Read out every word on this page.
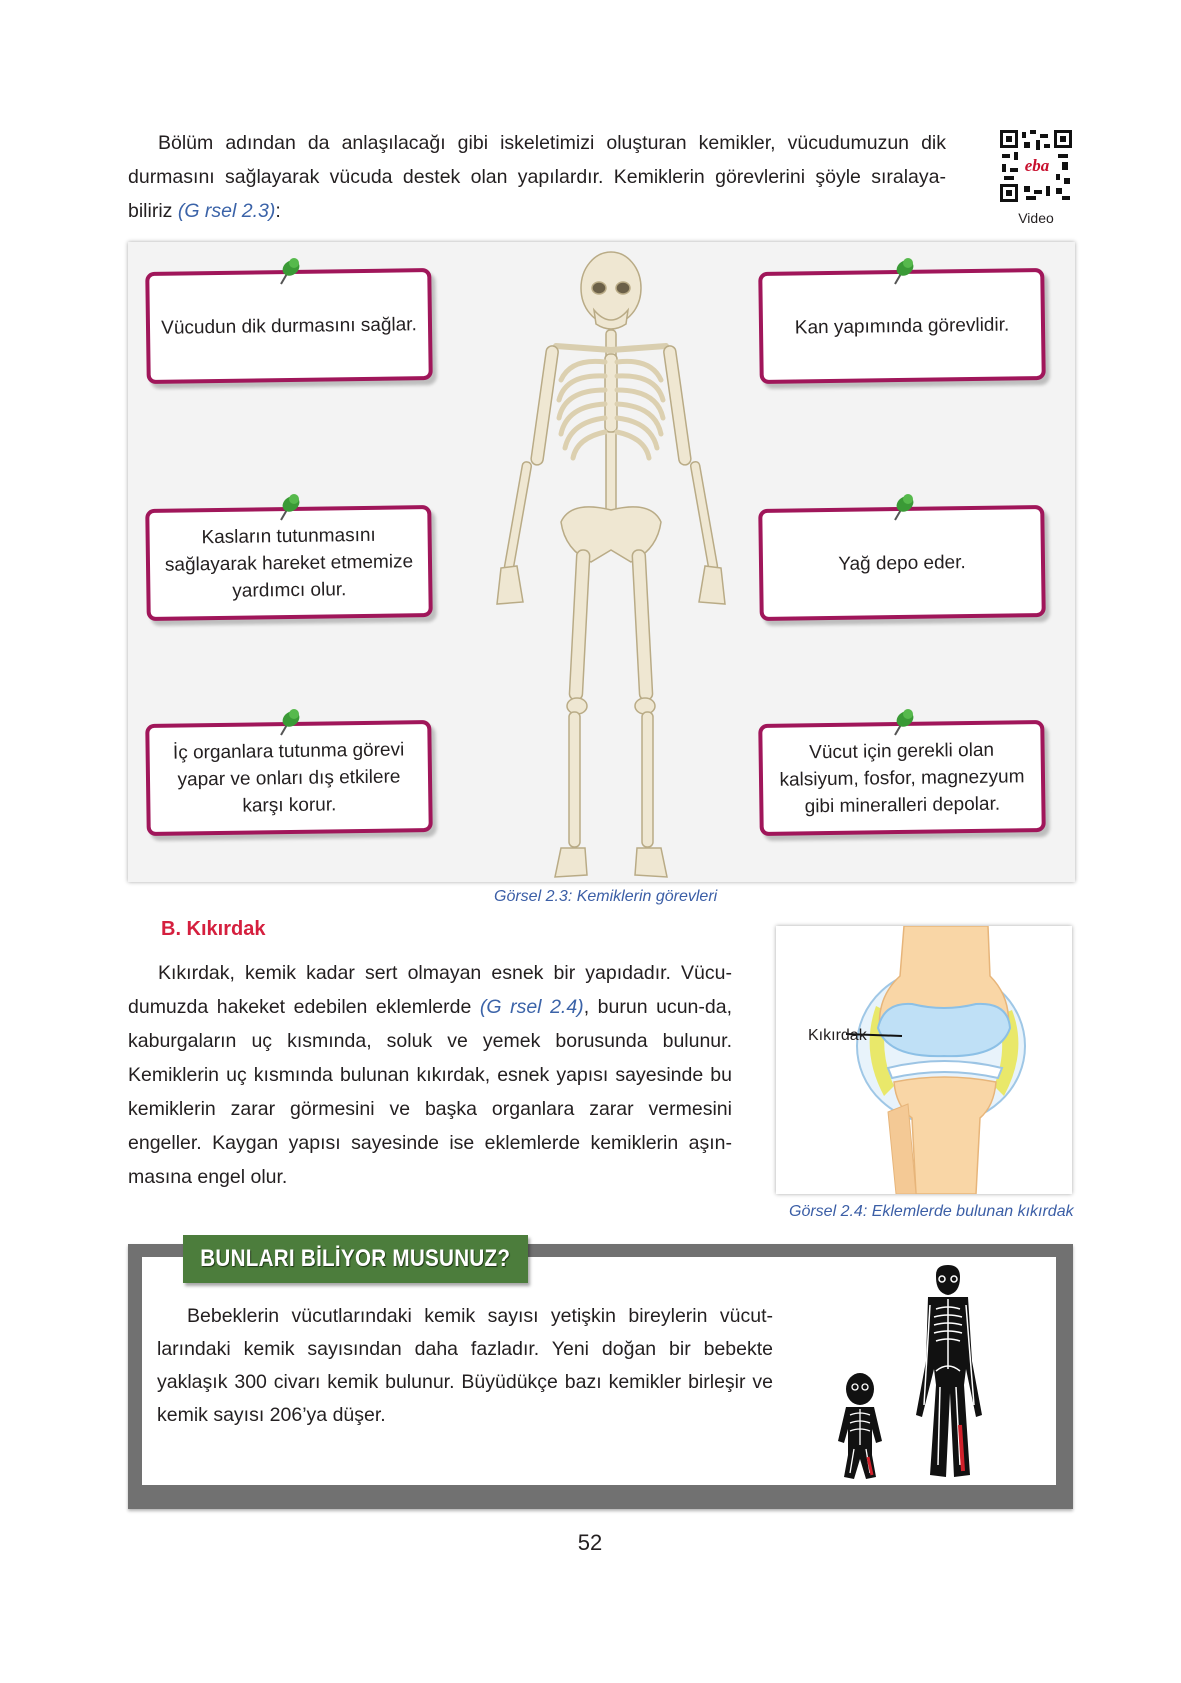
Bölüm adından da anlaşılacağı gibi iskeletimizi oluşturan kemikler, vücudumuzun dik durmasını sağlayarak vücuda destek olan yapılardır. Kemiklerin görevlerini şöyle sıralaya-biliriz (G rsel 2.3):

eba
Video
Vücudun dik durmasını sağlar.
Kasların tutunmasını sağlayarak hareket etmemize yardımcı olur.
İç organlara tutunma görevi yapar ve onları dış etkilere karşı korur.
Kan yapımında görevlidir.
Yağ depo eder.
Vücut için gerekli olan kalsiyum, fosfor, magnezyum gibi mineralleri depolar.
Görsel 2.3: Kemiklerin görevleri
B. Kıkırdak

Kıkırdak, kemik kadar sert olmayan esnek bir yapıdadır. Vücu-dumuzda hakeket edebilen eklemlerde (G rsel 2.4), burun ucun-da, kaburgaların uç kısmında, soluk ve yemek borusunda bulunur. Kemiklerin uç kısmında bulunan kıkırdak, esnek yapısı sayesinde bu kemiklerin zarar görmesini ve başka organlara zarar vermesini engeller. Kaygan yapısı sayesinde ise eklemlerde kemiklerin aşın-masına engel olur.

Kıkırdak
Görsel 2.4: Eklemlerde bulunan kıkırdak
BUNLARI BİLİYOR MUSUNUZ?

Bebeklerin vücutlarındaki kemik sayısı yetişkin bireylerin vücut-larındaki kemik sayısından daha fazladır. Yeni doğan bir bebekte yaklaşık 300 civarı kemik bulunur. Büyüdükçe bazı kemikler birleşir ve kemik sayısı 206’ya düşer.

52
